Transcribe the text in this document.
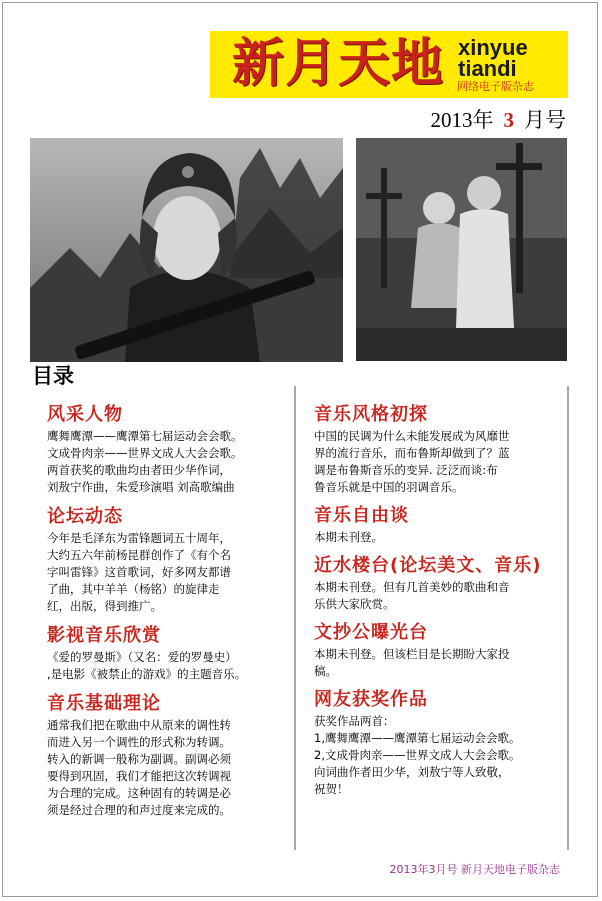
新月天地 xinyue
tiandi
网络电子版杂志
2013年 3 月号
目录
风采人物

鹰舞鹰潭——鹰潭第七届运动会会歌。
文成骨肉亲——世界文成人大会会歌。
两首获奖的歌曲均由者田少华作词，
刘敖宁作曲，朱爱珍演唱 刘高歌编曲

论坛动态

今年是毛泽东为雷锋题词五十周年，
大约五六年前杨昆群创作了《有个名
字叫雷锋》这首歌词，好多网友都谱
了曲，其中羊羊（杨铭）的旋律走
红，出版，得到推广。

影视音乐欣赏

《爱的罗曼斯》（又名：爱的罗曼史）
,是电影《被禁止的游戏》的主题音乐。

音乐基础理论

通常我们把在歌曲中从原来的调性转
而进入另一个调性的形式称为转调。
转入的新调一般称为副调。副调必须
要得到巩固，我们才能把这次转调视
为合理的完成。这种固有的转调是必
须是经过合理的和声过度来完成的。

音乐风格初探

中国的民调为什么未能发展成为风靡世
界的流行音乐，而布鲁斯却做到了？蓝
调是布鲁斯音乐的变异. 泛泛而谈:布
鲁音乐就是中国的羽调音乐。

音乐自由谈

本期未刊登。

近水楼台(论坛美文、音乐)

本期未刊登。但有几首美妙的歌曲和音
乐供大家欣赏。

文抄公曝光台

本期未刊登。但该栏目是长期盼大家投
稿。

网友获奖作品

获奖作品两首：
1,鹰舞鹰潭——鹰潭第七届运动会会歌。
2,文成骨肉亲——世界文成人大会会歌。
向词曲作者田少华，刘敖宁等人致敬，
祝贺！

2013年3月号 新月天地电子版杂志
